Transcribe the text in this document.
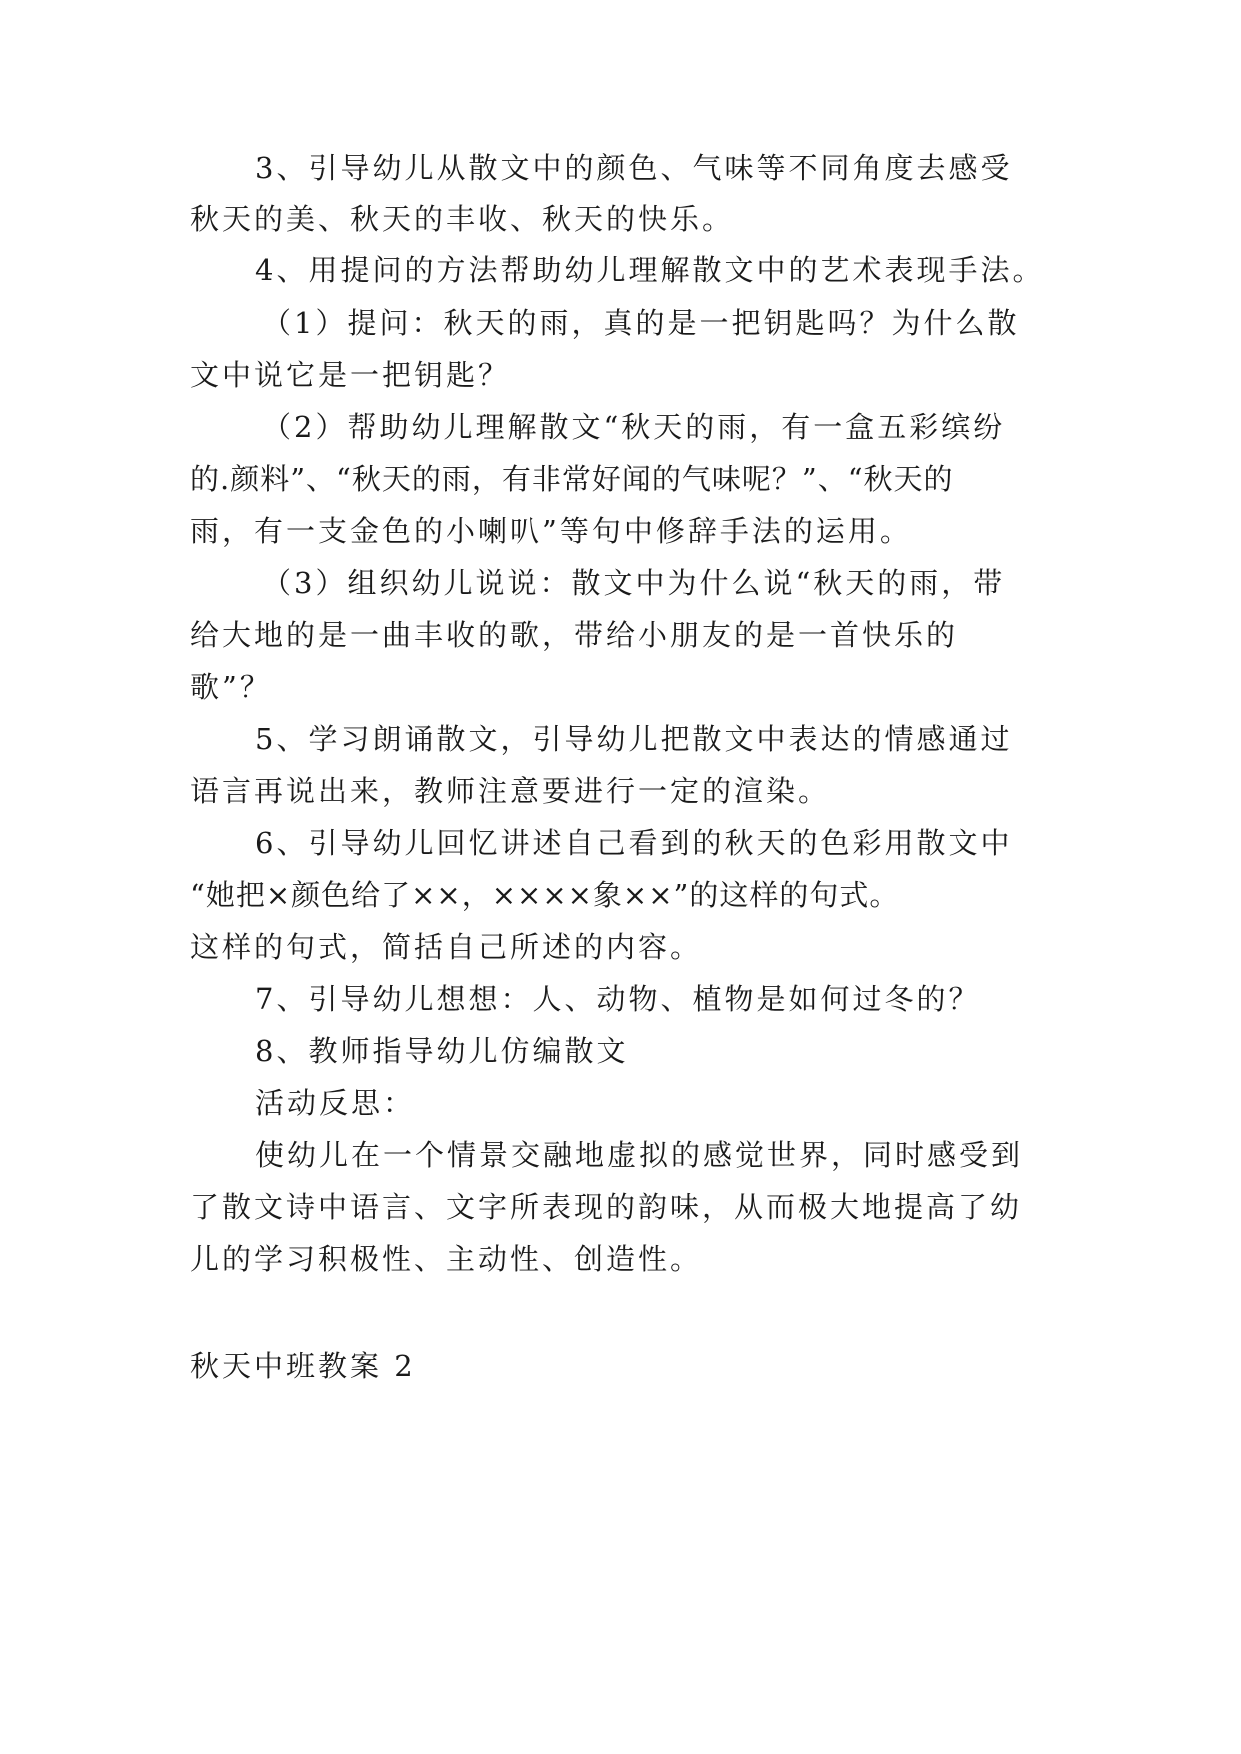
3、引导幼儿从散文中的颜色、气味等不同角度去感受
秋天的美、秋天的丰收、秋天的快乐。
4、用提问的方法帮助幼儿理解散文中的艺术表现手法。
（1）提问：秋天的雨，真的是一把钥匙吗？为什么散
文中说它是一把钥匙？
（2）帮助幼儿理解散文“秋天的雨，有一盒五彩缤纷
的.颜料”、“秋天的雨，有非常好闻的气味呢？”、“秋天的
雨，有一支金色的小喇叭”等句中修辞手法的运用。
（3）组织幼儿说说：散文中为什么说“秋天的雨，带
给大地的是一曲丰收的歌，带给小朋友的是一首快乐的
歌”？
5、学习朗诵散文，引导幼儿把散文中表达的情感通过
语言再说出来，教师注意要进行一定的渲染。
6、引导幼儿回忆讲述自己看到的秋天的色彩用散文中
“她把×颜色给了××，××××象××”的这样的句式。
这样的句式，简括自己所述的内容。
7、引导幼儿想想：人、动物、植物是如何过冬的？
8、教师指导幼儿仿编散文
活动反思：
使幼儿在一个情景交融地虚拟的感觉世界，同时感受到
了散文诗中语言、文字所表现的韵味，从而极大地提高了幼
儿的学习积极性、主动性、创造性。
秋天中班教案 2
